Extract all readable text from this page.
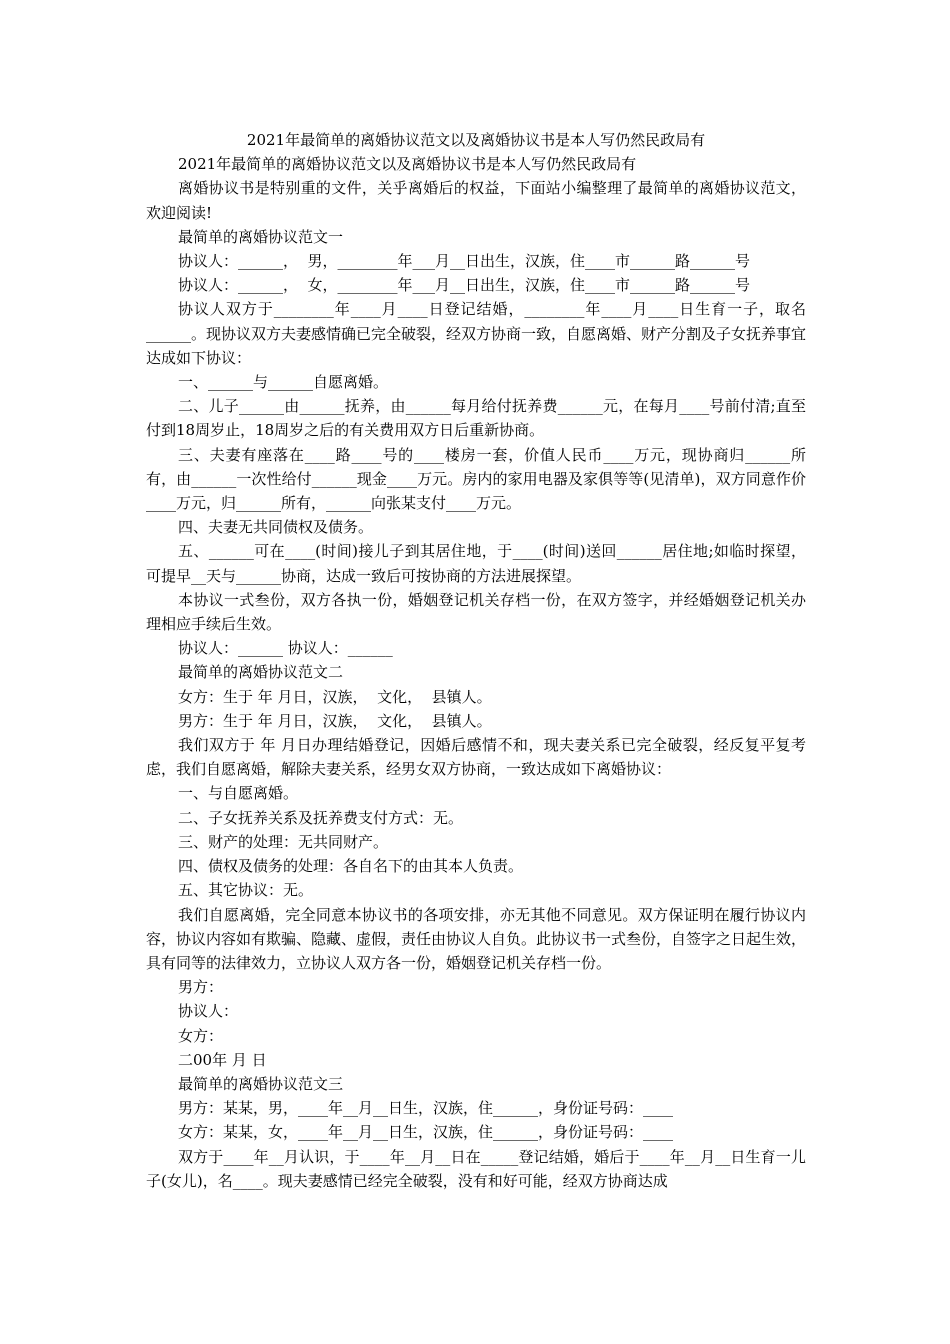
2021年最简单的离婚协议范文以及离婚协议书是本人写仍然民政局有

2021年最简单的离婚协议范文以及离婚协议书是本人写仍然民政局有

离婚协议书是特别重的文件，关乎离婚后的权益，下面站小编整理了最简单的离婚协议范文，欢迎阅读!

最简单的离婚协议范文一

协议人：______，  男，________年___月__日出生，汉族，住____市______路______号

协议人：______，  女，________年___月__日出生，汉族，住____市______路______号

协议人双方于________年____月____日登记结婚，________年____月____日生育一子，取名______。现协议双方夫妻感情确已完全破裂，经双方协商一致，自愿离婚、财产分割及子女抚养事宜达成如下协议：

一、______与______自愿离婚。

二、儿子______由______抚养，由______每月给付抚养费______元，在每月____号前付清;直至付到18周岁止，18周岁之后的有关费用双方日后重新协商。

三、夫妻有座落在____路____号的____楼房一套，价值人民币____万元，现协商归______所有，由______一次性给付______现金____万元。房内的家用电器及家俱等等(见清单)，双方同意作价____万元，归______所有，______向张某支付____万元。

四、夫妻无共同债权及债务。

五、______可在____(时间)接儿子到其居住地，于____(时间)送回______居住地;如临时探望，可提早__天与______协商，达成一致后可按协商的方法进展探望。

本协议一式叁份，双方各执一份，婚姻登记机关存档一份，在双方签字，并经婚姻登记机关办理相应手续后生效。

协议人：______ 协议人：______

最简单的离婚协议范文二

女方：生于 年 月日，汉族，  文化，  县镇人。

男方：生于 年 月日，汉族，  文化，  县镇人。

我们双方于 年 月日办理结婚登记，因婚后感情不和，现夫妻关系已完全破裂，经反复平复考虑，我们自愿离婚，解除夫妻关系，经男女双方协商，一致达成如下离婚协议：

一、与自愿离婚。

二、子女抚养关系及抚养费支付方式：无。

三、财产的处理：无共同财产。

四、债权及债务的处理：各自名下的由其本人负责。

五、其它协议：无。

我们自愿离婚，完全同意本协议书的各项安排，亦无其他不同意见。双方保证明在履行协议内容，协议内容如有欺骗、隐藏、虚假，责任由协议人自负。此协议书一式叁份，自签字之日起生效，具有同等的法律效力，立协议人双方各一份，婚姻登记机关存档一份。

男方：

协议人：

女方：

二00年 月 日

最简单的离婚协议范文三

男方：某某，男，____年__月__日生，汉族，住______，身份证号码：____

女方：某某，女，____年__月__日生，汉族，住______，身份证号码：____

双方于____年__月认识，于____年__月__日在_____登记结婚，婚后于____年__月__日生育一儿子(女儿)，名____。现夫妻感情已经完全破裂，没有和好可能，经双方协商达成
